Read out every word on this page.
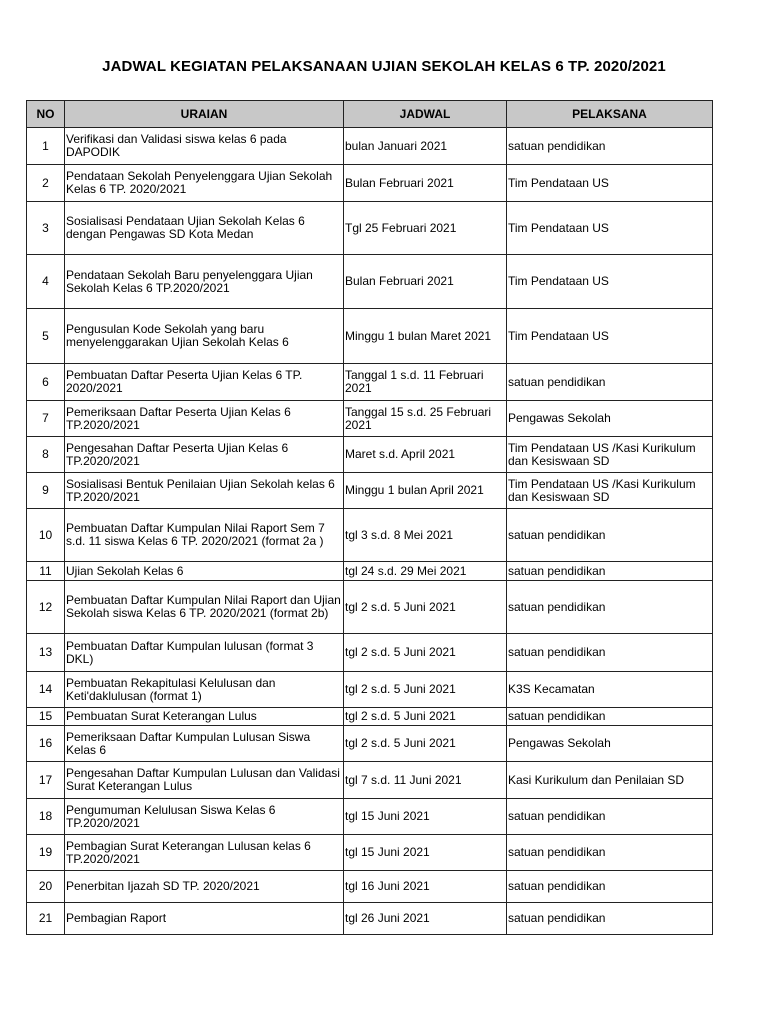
JADWAL KEGIATAN PELAKSANAAN UJIAN SEKOLAH KELAS 6 TP. 2020/2021
NO	URAIAN	JADWAL	PELAKSANA
1	Verifikasi dan Validasi siswa kelas 6 pada DAPODIK	bulan Januari 2021	satuan pendidikan
2	Pendataan Sekolah Penyelenggara Ujian Sekolah Kelas 6 TP. 2020/2021	Bulan Februari 2021	Tim Pendataan US
3	Sosialisasi Pendataan Ujian Sekolah Kelas 6 dengan Pengawas SD Kota Medan	Tgl 25 Februari 2021	Tim Pendataan US
4	Pendataan Sekolah Baru penyelenggara Ujian Sekolah Kelas 6 TP.2020/2021	Bulan Februari 2021	Tim Pendataan US
5	Pengusulan Kode Sekolah yang baru menyelenggarakan Ujian Sekolah Kelas 6	Minggu 1 bulan Maret 2021	Tim Pendataan US
6	Pembuatan Daftar Peserta Ujian Kelas 6 TP. 2020/2021	Tanggal 1 s.d. 11 Februari 2021	satuan pendidikan
7	Pemeriksaan Daftar Peserta Ujian Kelas 6 TP.2020/2021	Tanggal 15 s.d. 25 Februari 2021	Pengawas Sekolah
8	Pengesahan Daftar Peserta Ujian Kelas 6 TP.2020/2021	Maret s.d. April 2021	Tim Pendataan US /Kasi Kurikulum dan Kesiswaan SD
9	Sosialisasi Bentuk Penilaian Ujian Sekolah kelas 6 TP.2020/2021	Minggu 1 bulan April 2021	Tim Pendataan US /Kasi Kurikulum dan Kesiswaan SD
10	Pembuatan Daftar Kumpulan Nilai Raport Sem 7 s.d. 11 siswa Kelas 6 TP. 2020/2021 (format 2a )	tgl 3 s.d. 8 Mei 2021	satuan pendidikan
11	Ujian Sekolah Kelas 6	tgl 24 s.d. 29 Mei 2021	satuan pendidikan
12	Pembuatan Daftar Kumpulan Nilai Raport dan Ujian Sekolah siswa Kelas 6 TP. 2020/2021 (format 2b)	tgl 2 s.d. 5 Juni 2021	satuan pendidikan
13	Pembuatan Daftar Kumpulan lulusan (format 3 DKL)	tgl 2 s.d. 5 Juni 2021	satuan pendidikan
14	Pembuatan Rekapitulasi Kelulusan dan Keti'daklulusan (format 1)	tgl 2 s.d. 5 Juni 2021	K3S Kecamatan
15	Pembuatan Surat Keterangan Lulus	tgl 2 s.d. 5 Juni 2021	satuan pendidikan
16	Pemeriksaan Daftar Kumpulan Lulusan Siswa Kelas 6	tgl 2 s.d. 5 Juni 2021	Pengawas Sekolah
17	Pengesahan Daftar Kumpulan Lulusan dan Validasi Surat Keterangan Lulus	tgl 7 s.d. 11 Juni 2021	Kasi Kurikulum dan Penilaian SD
18	Pengumuman Kelulusan Siswa Kelas 6 TP.2020/2021	tgl 15 Juni 2021	satuan pendidikan
19	Pembagian Surat Keterangan Lulusan kelas 6 TP.2020/2021	tgl 15 Juni 2021	satuan pendidikan
20	Penerbitan Ijazah SD TP. 2020/2021	tgl 16 Juni 2021	satuan pendidikan
21	Pembagian Raport	tgl 26 Juni 2021	satuan pendidikan
